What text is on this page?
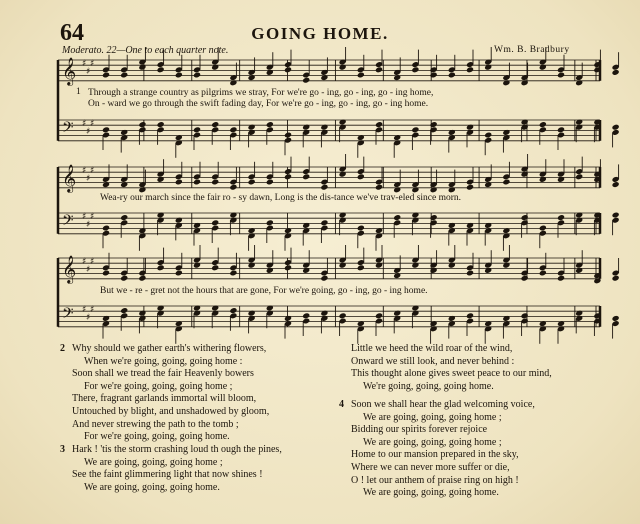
64	GOING HOME.
Moderato. 22—One to each quarter note.	Wm. B. Bradbury
𝄞 ♯
♯
♯
𝄢 ♯
♯
♯
𝄞 ♯
♯
♯
𝄢 ♯
♯
♯
𝄞 ♯
♯
♯
𝄢 ♯
♯
♯
1 Through a strange country as pilgrims we stray, For we're go - ing, go - ing, go - ing home,
On - ward we go through the swift fading day, For we're go - ing, go - ing, go - ing home.
Wea-ry our march since the fair ro - sy dawn, Long is the dis-tance we've trav-eled since morn.
But we - re - gret not the hours that are gone, For we're going, go - ing, go - ing home.
2 Why should we gather earth's withering flowers,
When we're going, going, going home :
Soon shall we tread the fair Heavenly bowers
For we're going, going, going home ;
There, fragrant garlands immortal will bloom,
Untouched by blight, and unshadowed by gloom,
And never strewing the path to the tomb ;
For we're going, going, going home.
3 Hark ! 'tis the storm crashing loud th ough the pines,
We are going, going, going home ;
See the faint glimmering light that now shines !
We are going, going, going home.
Little we heed the wild roar of the wind,
Onward we still look, and never behind :
This thought alone gives sweet peace to our mind,
We're going, going, going home.
4 Soon we shall hear the glad welcoming voice,
We are going, going, going home ;
Bidding our spirits forever rejoice
We are going, going, going home ;
Home to our mansion prepared in the sky,
Where we can never more suffer or die,
O ! let our anthem of praise ring on high !
We are going, going, going home.
